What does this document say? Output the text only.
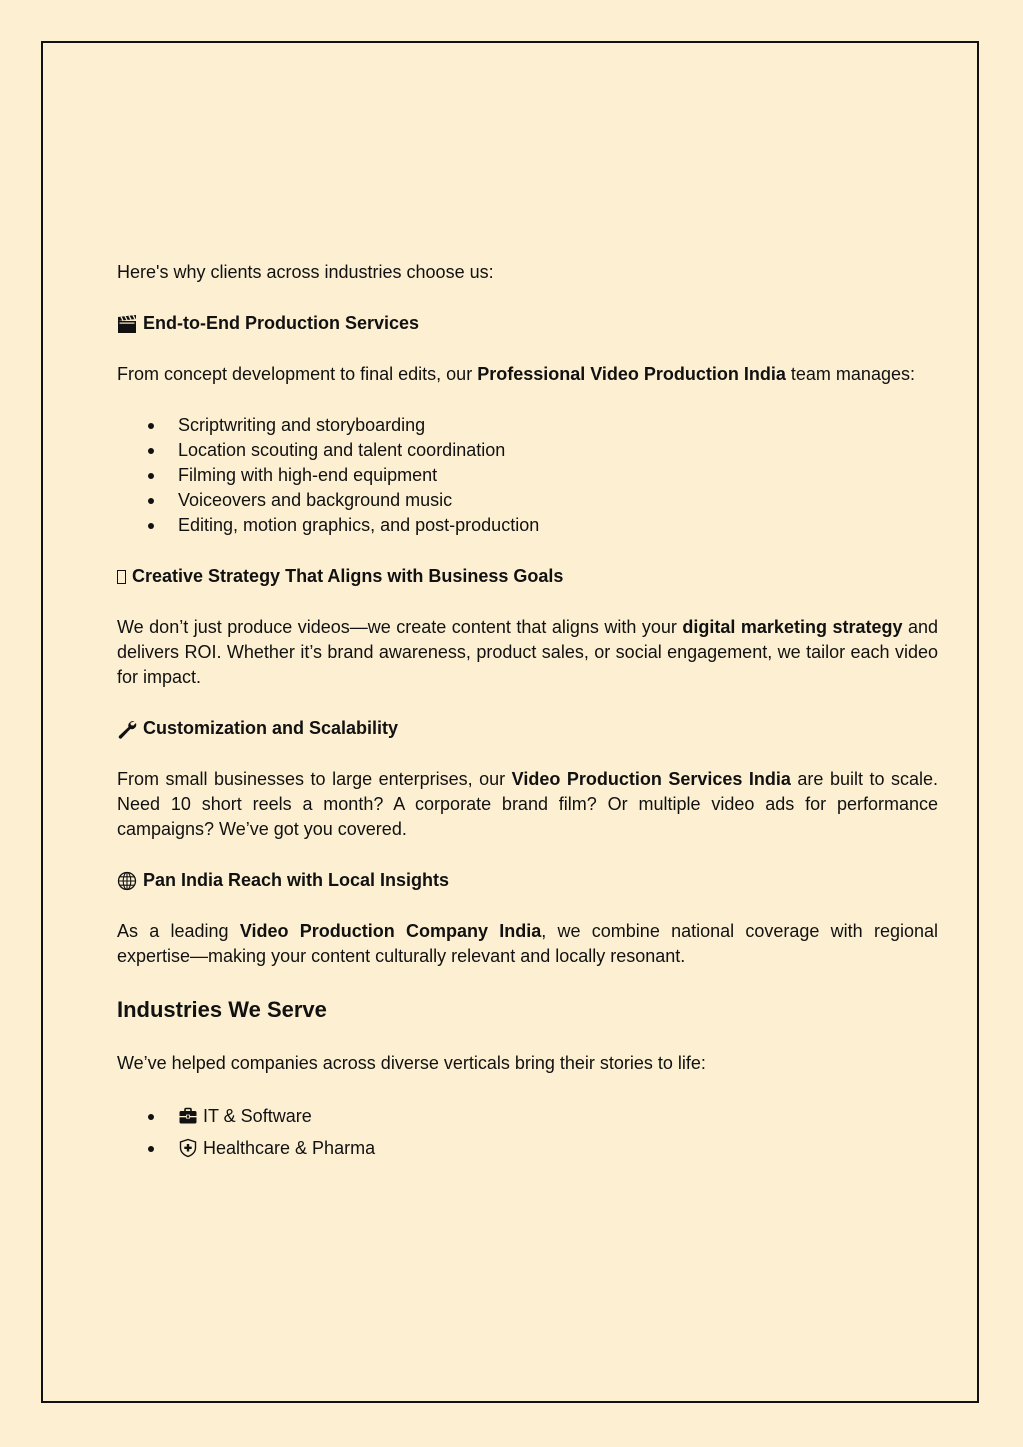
Here's why clients across industries choose us:

End-to-End Production Services

From concept development to final edits, our Professional Video Production India team manages:

Scriptwriting and storyboarding
Location scouting and talent coordination
Filming with high-end equipment
Voiceovers and background music
Editing, motion graphics, and post-production
Creative Strategy That Aligns with Business Goals

We don’t just produce videos—we create content that aligns with your digital marketing strategy and delivers ROI. Whether it’s brand awareness, product sales, or social engagement, we tailor each video for impact.

Customization and Scalability

From small businesses to large enterprises, our Video Production Services India are built to scale. Need 10 short reels a month? A corporate brand film? Or multiple video ads for performance campaigns? We’ve got you covered.

Pan India Reach with Local Insights

As a leading Video Production Company India, we combine national coverage with regional expertise—making your content culturally relevant and locally resonant.

Industries We Serve

We’ve helped companies across diverse verticals bring their stories to life:

IT & Software
Healthcare & Pharma
